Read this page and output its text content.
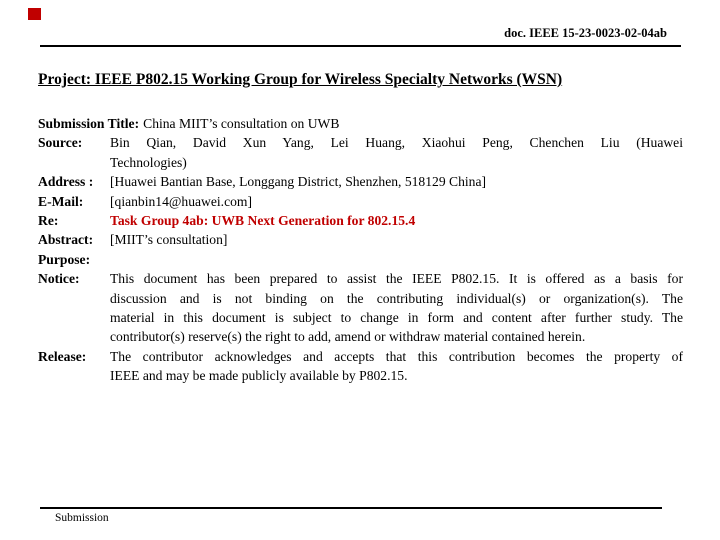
doc. IEEE 15-23-0023-02-04ab
Project: IEEE P802.15 Working Group for Wireless Specialty Networks (WSN)

Submission Title: China MIIT’s consultation on UWB

Source:	Bin Qian, David Xun Yang, Lei Huang, Xiaohui Peng, Chenchen Liu (Huawei
Technologies)
Address :	[Huawei Bantian Base, Longgang District, Shenzhen, 518129 China]
E-Mail:	[qianbin14@huawei.com]
Re:	Task Group 4ab: UWB Next Generation for 802.15.4
Abstract:	[MIIT’s consultation]
Purpose:
Notice:	This document has been prepared to assist the IEEE P802.15. It is offered as a basis for
discussion and is not binding on the contributing individual(s) or organization(s). The
material in this document is subject to change in form and content after further study. The
contributor(s) reserve(s) the right to add, amend or withdraw material contained herein.
Release:	The contributor acknowledges and accepts that this contribution becomes the property of
IEEE and may be made publicly available by P802.15.
Submission
